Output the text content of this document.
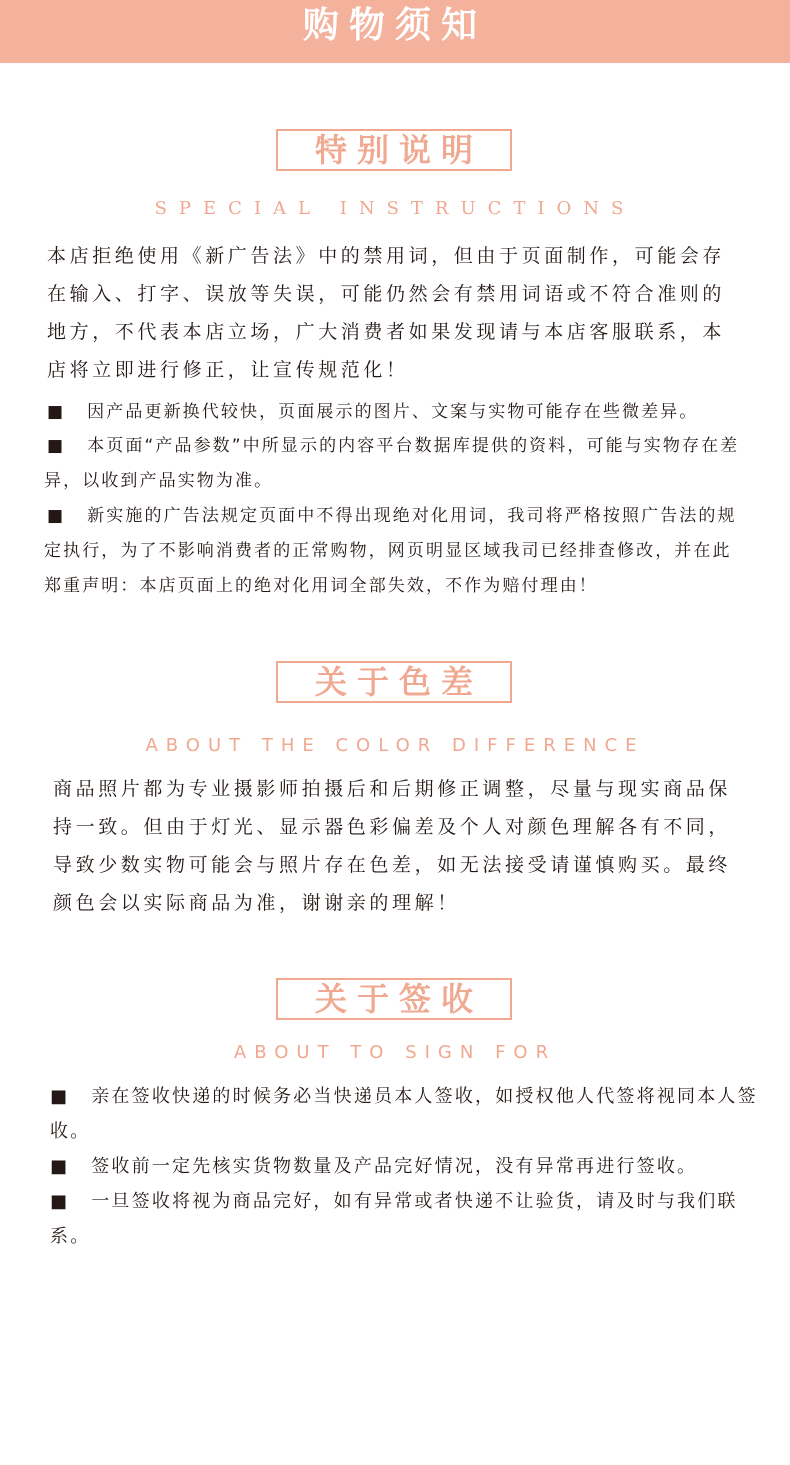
购物须知
特别说明
SPECIAL INSTRUCTIONS

本店拒绝使用《新广告法》中的禁用词，但由于页面制作，可能会存在输入、打字、误放等失误，可能仍然会有禁用词语或不符合准则的地方，不代表本店立场，广大消费者如果发现请与本店客服联系，本店将立即进行修正，让宣传规范化！

■ 因产品更新换代较快，页面展示的图片、文案与实物可能存在些微差异。

■ 本页面“产品参数”中所显示的内容平台数据库提供的资料，可能与实物存在差异，以收到产品实物为准。

■ 新实施的广告法规定页面中不得出现绝对化用词，我司将严格按照广告法的规定执行，为了不影响消费者的正常购物，网页明显区域我司已经排查修改，并在此郑重声明：本店页面上的绝对化用词全部失效，不作为赔付理由！

关于色差
ABOUT THE COLOR DIFFERENCE

商品照片都为专业摄影师拍摄后和后期修正调整，尽量与现实商品保持一致。但由于灯光、显示器色彩偏差及个人对颜色理解各有不同，导致少数实物可能会与照片存在色差，如无法接受请谨慎购买。最终颜色会以实际商品为准，谢谢亲的理解！

关于签收
ABOUT TO SIGN FOR

■ 亲在签收快递的时候务必当快递员本人签收，如授权他人代签将视同本人签收。

■ 签收前一定先核实货物数量及产品完好情况，没有异常再进行签收。

■ 一旦签收将视为商品完好，如有异常或者快递不让验货，请及时与我们联系。
